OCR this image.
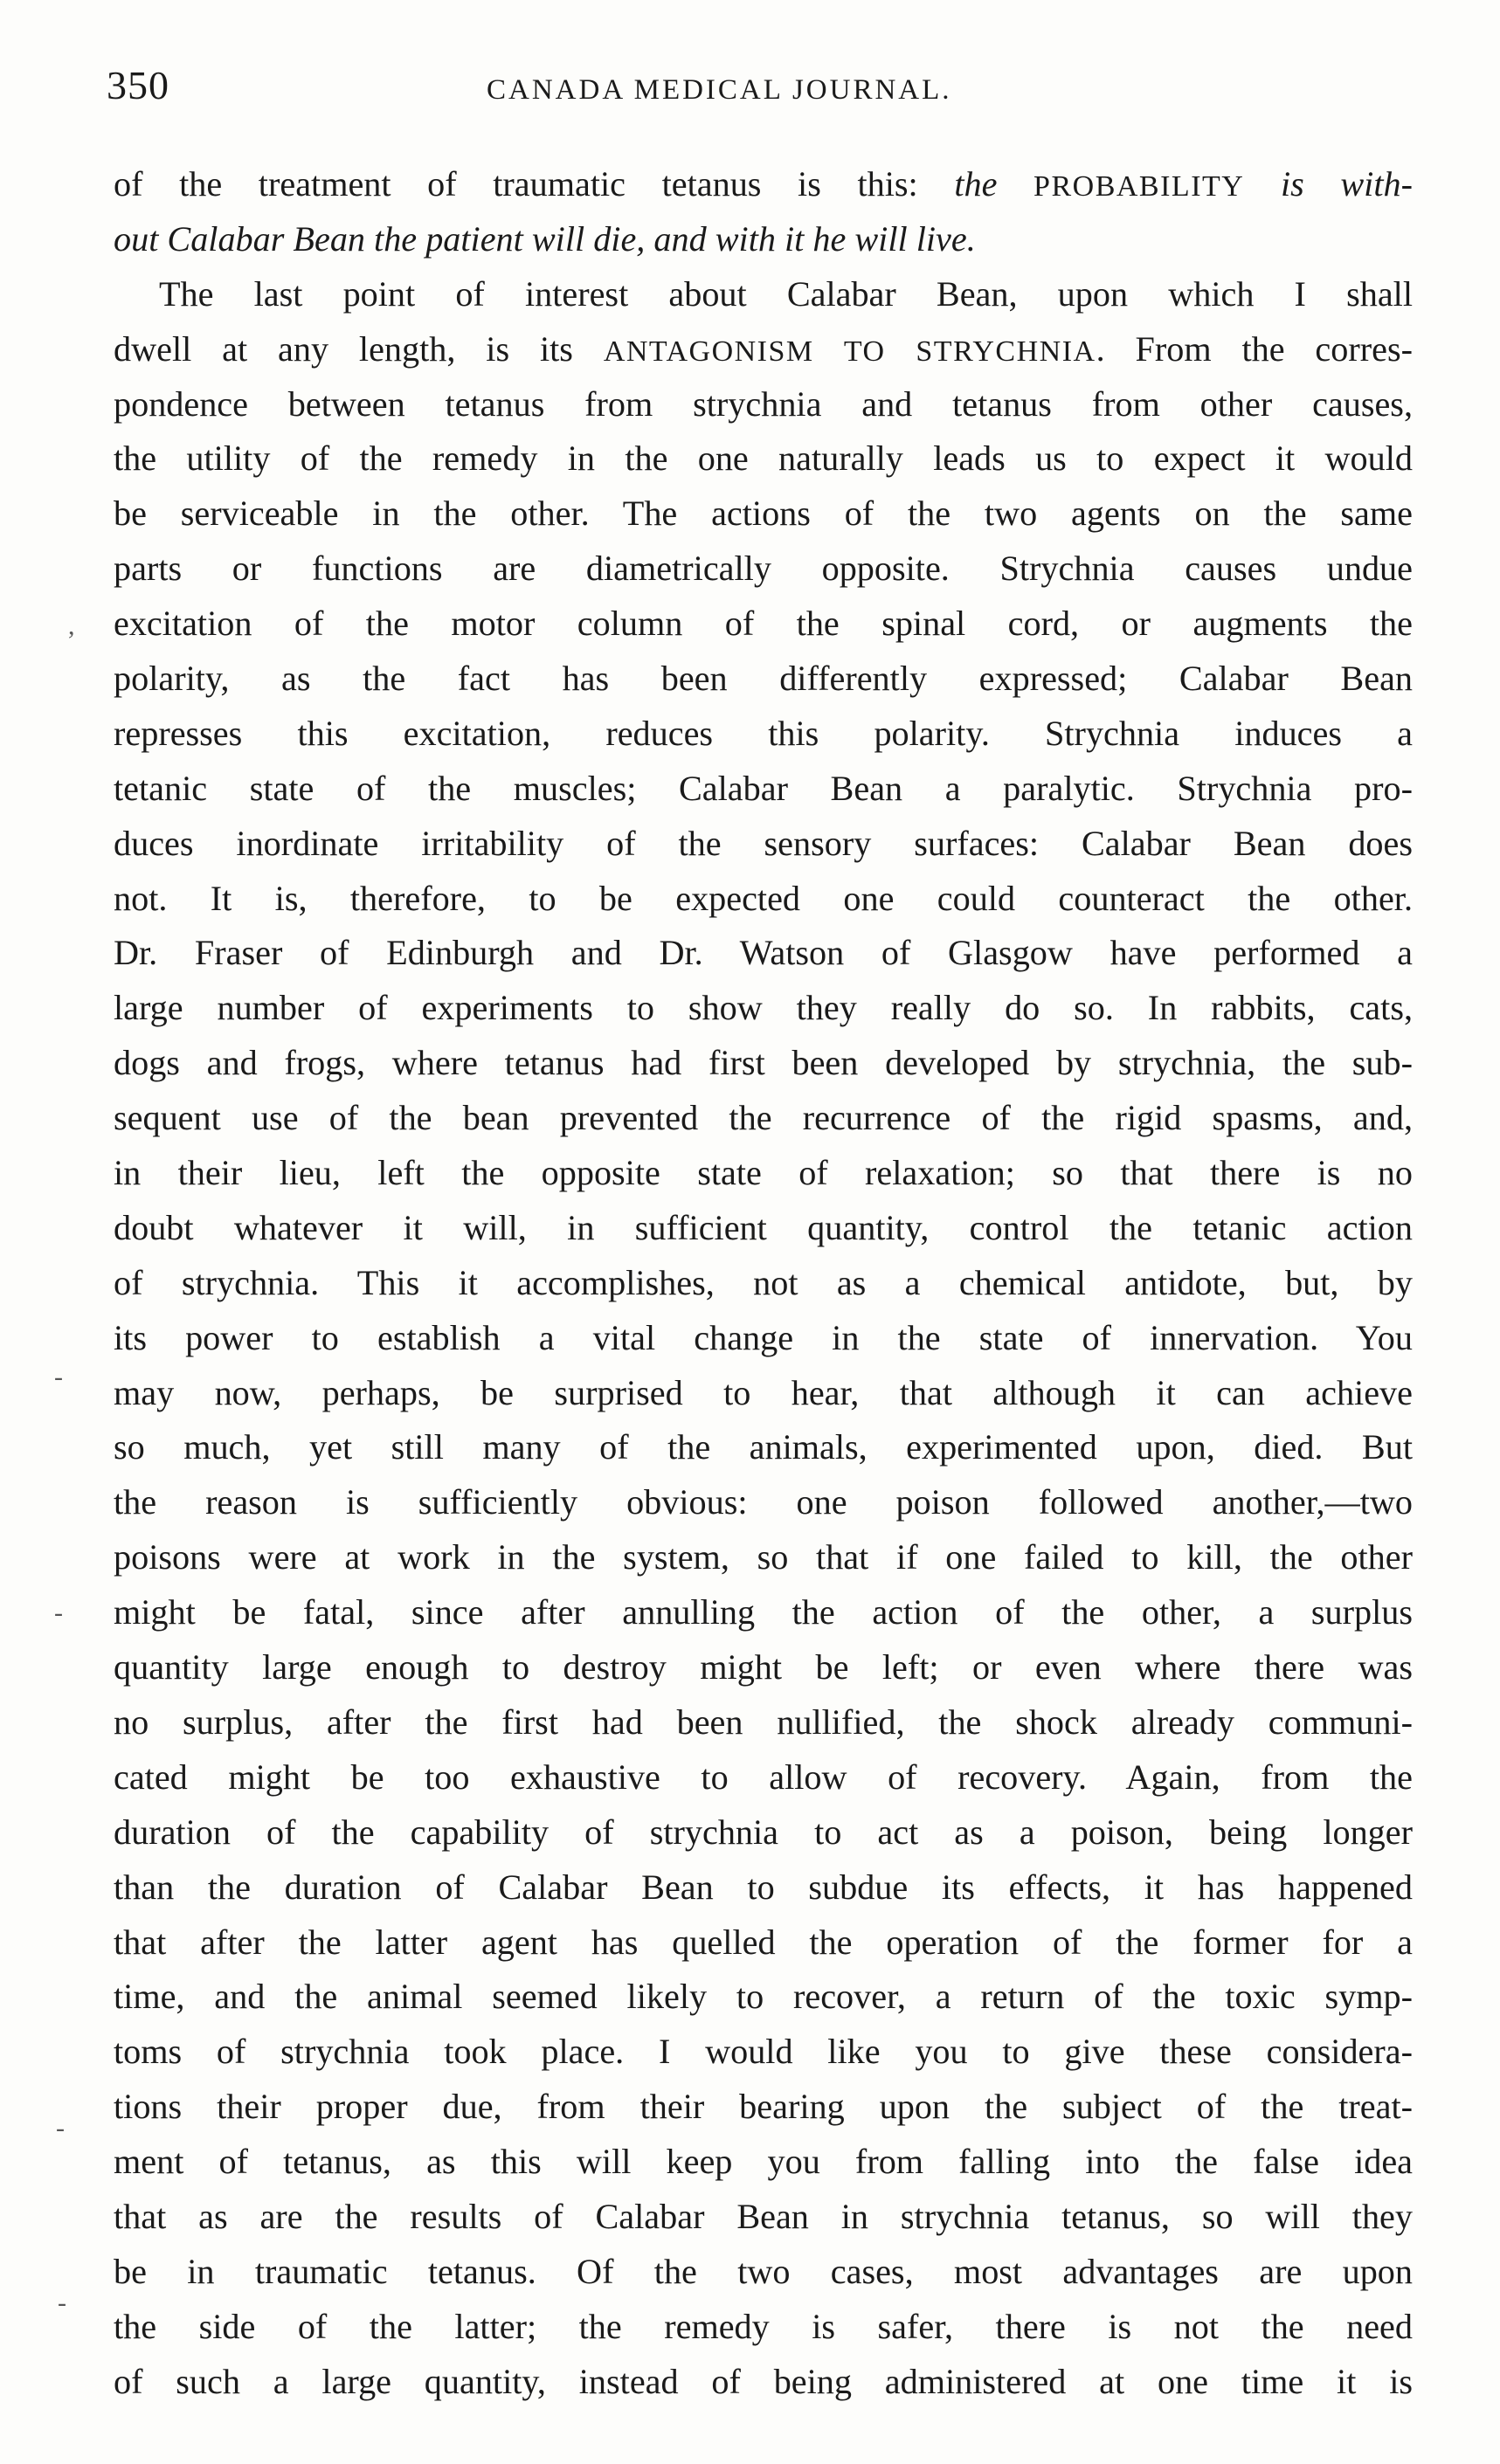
350	CANADA MEDICAL JOURNAL.
of the treatment of traumatic tetanus is this: the PROBABILITY is with-
out Calabar Bean the patient will die, and with it he will live.
The last point of interest about Calabar Bean, upon which I shall
dwell at any length, is its ANTAGONISM TO STRYCHNIA. From the corres-
pondence between tetanus from strychnia and tetanus from other causes,
the utility of the remedy in the one naturally leads us to expect it would
be serviceable in the other. The actions of the two agents on the same
parts or functions are diametrically opposite. Strychnia causes undue
excitation of the motor column of the spinal cord, or augments the
polarity, as the fact has been differently expressed; Calabar Bean
represses this excitation, reduces this polarity. Strychnia induces a
tetanic state of the muscles; Calabar Bean a paralytic. Strychnia pro-
duces inordinate irritability of the sensory surfaces: Calabar Bean does
not. It is, therefore, to be expected one could counteract the other.
Dr. Fraser of Edinburgh and Dr. Watson of Glasgow have performed a
large number of experiments to show they really do so. In rabbits, cats,
dogs and frogs, where tetanus had first been developed by strychnia, the sub-
sequent use of the bean prevented the recurrence of the rigid spasms, and,
in their lieu, left the opposite state of relaxation; so that there is no
doubt whatever it will, in sufficient quantity, control the tetanic action
of strychnia. This it accomplishes, not as a chemical antidote, but, by
its power to establish a vital change in the state of innervation. You
may now, perhaps, be surprised to hear, that although it can achieve
so much, yet still many of the animals, experimented upon, died. But
the reason is sufficiently obvious: one poison followed another,—two
poisons were at work in the system, so that if one failed to kill, the other
might be fatal, since after annulling the action of the other, a surplus
quantity large enough to destroy might be left; or even where there was
no surplus, after the first had been nullified, the shock already communi-
cated might be too exhaustive to allow of recovery. Again, from the
duration of the capability of strychnia to act as a poison, being longer
than the duration of Calabar Bean to subdue its effects, it has happened
that after the latter agent has quelled the operation of the former for a
time, and the animal seemed likely to recover, a return of the toxic symp-
toms of strychnia took place. I would like you to give these considera-
tions their proper due, from their bearing upon the subject of the treat-
ment of tetanus, as this will keep you from falling into the false idea
that as are the results of Calabar Bean in strychnia tetanus, so will they
be in traumatic tetanus. Of the two cases, most advantages are upon
the side of the latter; the remedy is safer, there is not the need
of such a large quantity, instead of being administered at one time it is
,
-
-
-
-
